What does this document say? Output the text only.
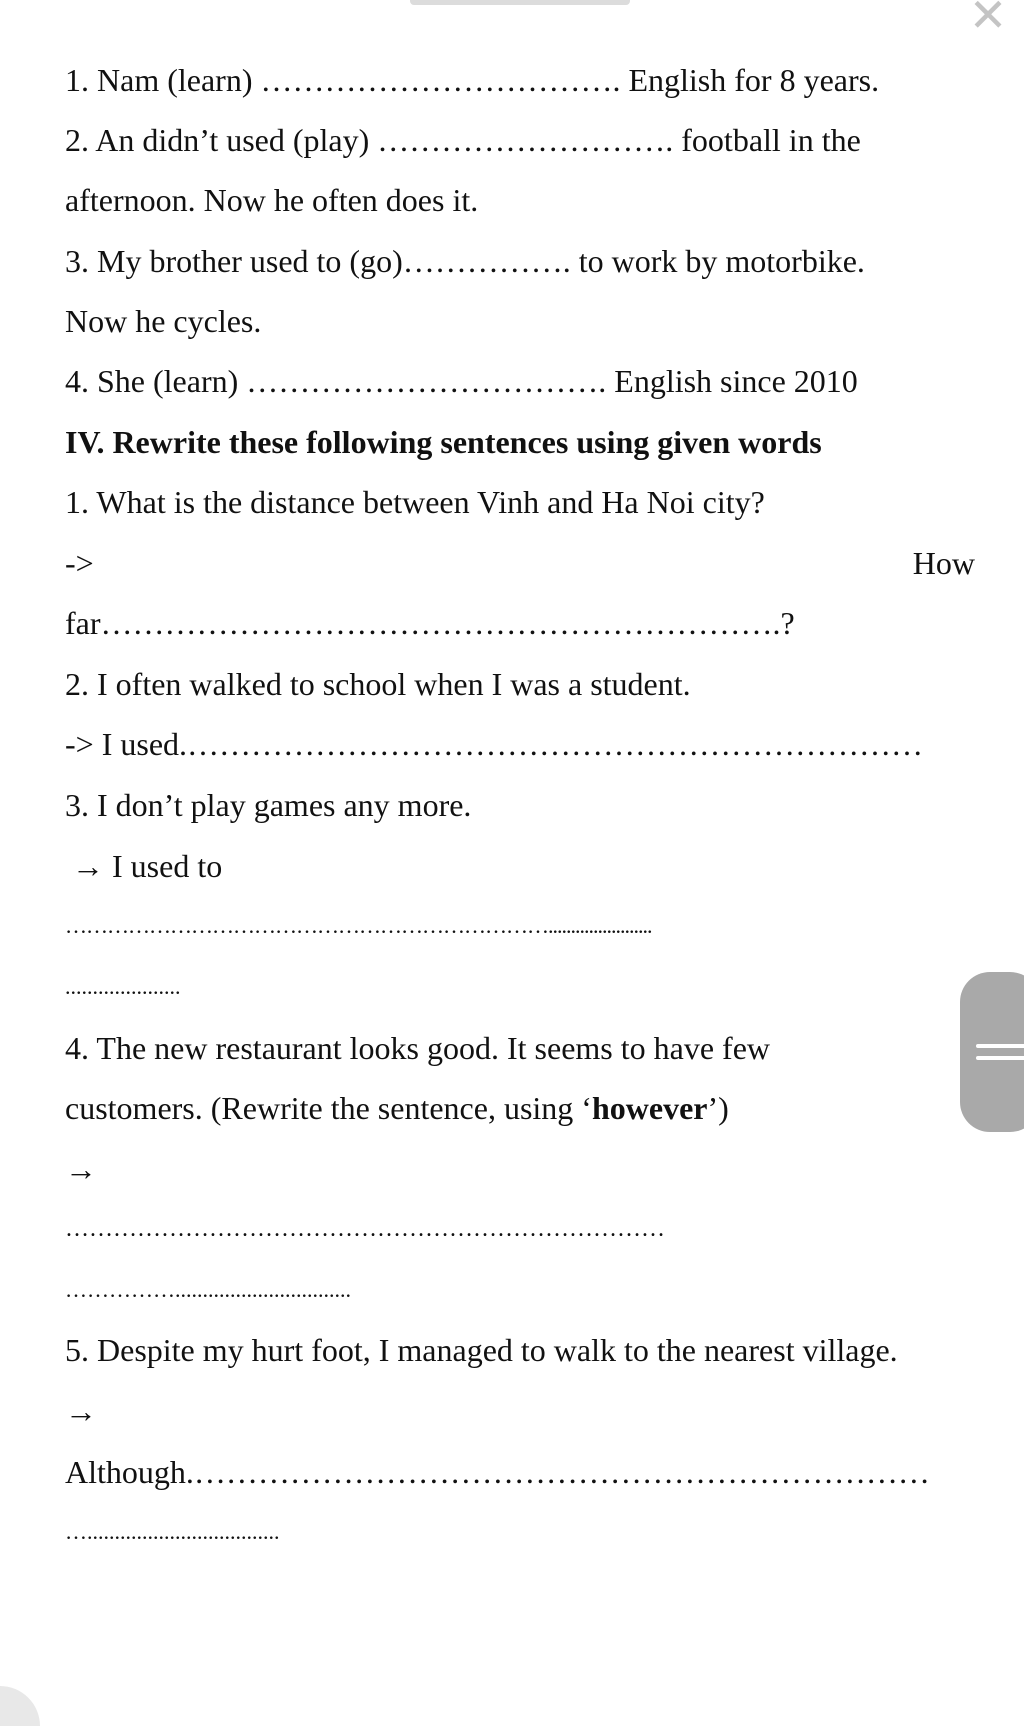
✕
1. Nam (learn) ……………………………. English for 8 years.
2. An didn’t used (play) ………………………. football in the
afternoon. Now he often does it.
3. My brother used to (go)……………. to work by motorbike.
Now he cycles.
4. She (learn) ……………………………. English since 2010
IV. Rewrite these following sentences using given words
1. What is the distance between Vinh and Ha Noi city?
->	How
far……………………………………………………….?
2. I often walked to school when I was a student.
-> I used.……………………………………………………………
3. I don’t play games any more.
→ I used to
…………………………………………………………….......................
.....................
4. The new restaurant looks good. It seems to have few
customers. (Rewrite the sentence, using ‘however’)
→
…………………………………………………………………
……………................................
5. Despite my hurt foot, I managed to walk to the nearest village.
→
Although.……………………………………………………………
…...................................
